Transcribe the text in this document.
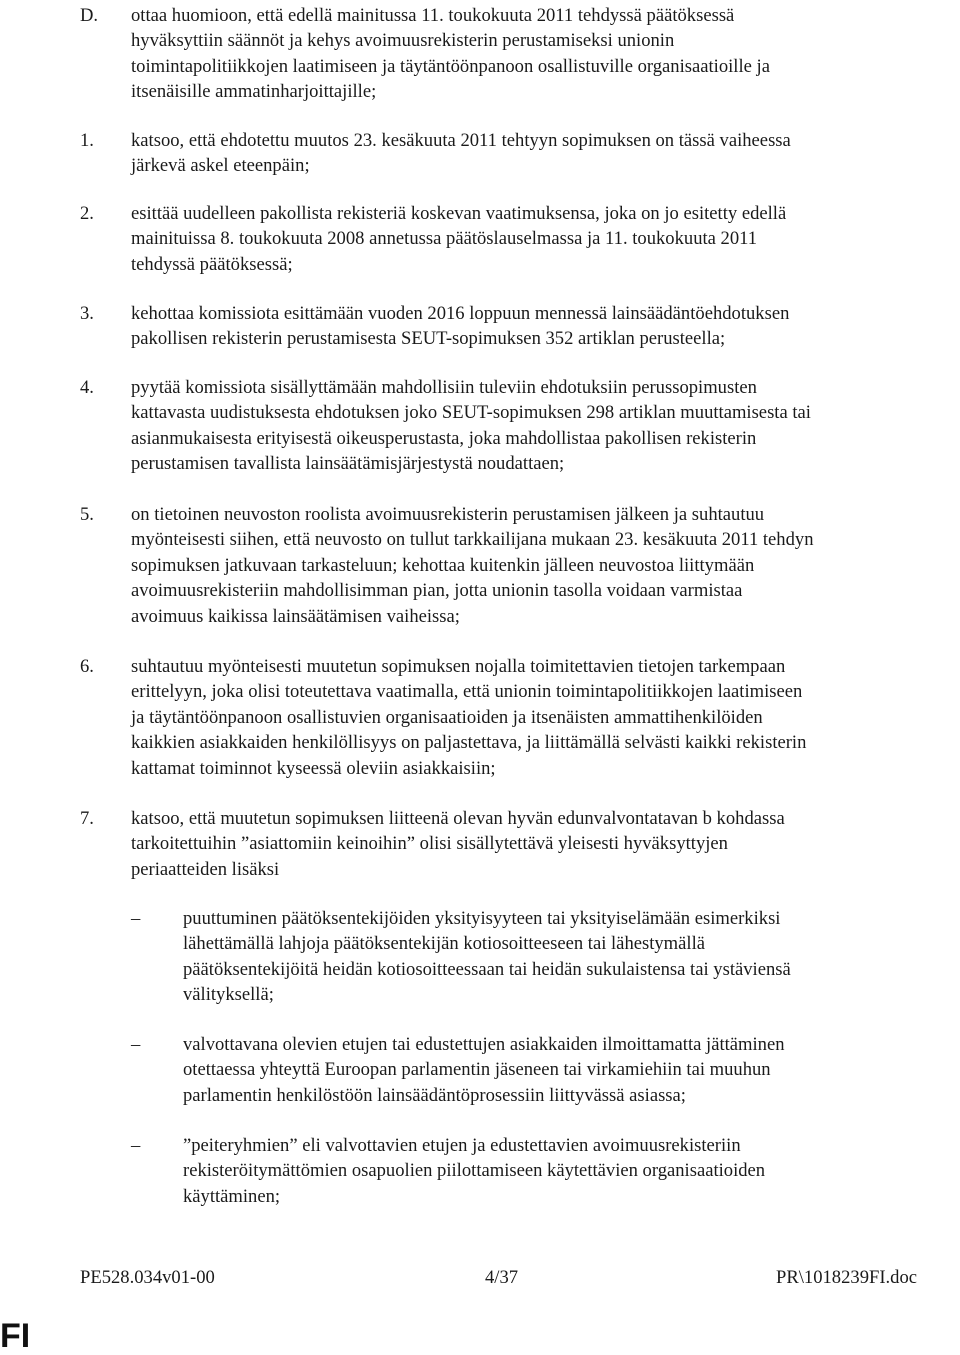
D. ottaa huomioon, että edellä mainitussa 11. toukokuuta 2011 tehdyssä päätöksessä
hyväksyttiin säännöt ja kehys avoimuusrekisterin perustamiseksi unionin
toimintapolitiikkojen laatimiseen ja täytäntöönpanoon osallistuville organisaatioille ja
itsenäisille ammatinharjoittajille;
1. katsoo, että ehdotettu muutos 23. kesäkuuta 2011 tehtyyn sopimuksen on tässä vaiheessa
järkevä askel eteenpäin;
2. esittää uudelleen pakollista rekisteriä koskevan vaatimuksensa, joka on jo esitetty edellä
mainituissa 8. toukokuuta 2008 annetussa päätöslauselmassa ja 11. toukokuuta 2011
tehdyssä päätöksessä;
3. kehottaa komissiota esittämään vuoden 2016 loppuun mennessä lainsäädäntöehdotuksen
pakollisen rekisterin perustamisesta SEUT-sopimuksen 352 artiklan perusteella;
4. pyytää komissiota sisällyttämään mahdollisiin tuleviin ehdotuksiin perussopimusten
kattavasta uudistuksesta ehdotuksen joko SEUT-sopimuksen 298 artiklan muuttamisesta tai
asianmukaisesta erityisestä oikeusperustasta, joka mahdollistaa pakollisen rekisterin
perustamisen tavallista lainsäätämisjärjestystä noudattaen;
5. on tietoinen neuvoston roolista avoimuusrekisterin perustamisen jälkeen ja suhtautuu
myönteisesti siihen, että neuvosto on tullut tarkkailijana mukaan 23. kesäkuuta 2011 tehdyn
sopimuksen jatkuvaan tarkasteluun; kehottaa kuitenkin jälleen neuvostoa liittymään
avoimuusrekisteriin mahdollisimman pian, jotta unionin tasolla voidaan varmistaa
avoimuus kaikissa lainsäätämisen vaiheissa;
6. suhtautuu myönteisesti muutetun sopimuksen nojalla toimitettavien tietojen tarkempaan
erittelyyn, joka olisi toteutettava vaatimalla, että unionin toimintapolitiikkojen laatimiseen
ja täytäntöönpanoon osallistuvien organisaatioiden ja itsenäisten ammattihenkilöiden
kaikkien asiakkaiden henkilöllisyys on paljastettava, ja liittämällä selvästi kaikki rekisterin
kattamat toiminnot kyseessä oleviin asiakkaisiin;
7. katsoo, että muutetun sopimuksen liitteenä olevan hyvän edunvalvontatavan b kohdassa
tarkoitettuihin ”asiattomiin keinoihin” olisi sisällytettävä yleisesti hyväksyttyjen
periaatteiden lisäksi
– puuttuminen päätöksentekijöiden yksityisyyteen tai yksityiselämään esimerkiksi
lähettämällä lahjoja päätöksentekijän kotiosoitteeseen tai lähestymällä
päätöksentekijöitä heidän kotiosoitteessaan tai heidän sukulaistensa tai ystäviensä
välityksellä;
– valvottavana olevien etujen tai edustettujen asiakkaiden ilmoittamatta jättäminen
otettaessa yhteyttä Euroopan parlamentin jäseneen tai virkamiehiin tai muuhun
parlamentin henkilöstöön lainsäädäntöprosessiin liittyvässä asiassa;
– ”peiteryhmien” eli valvottavien etujen ja edustettavien avoimuusrekisteriin
rekisteröitymättömien osapuolien piilottamiseen käytettävien organisaatioiden
käyttäminen;
PE528.034v01-00	4/37	PR\1018239FI.doc
FI
